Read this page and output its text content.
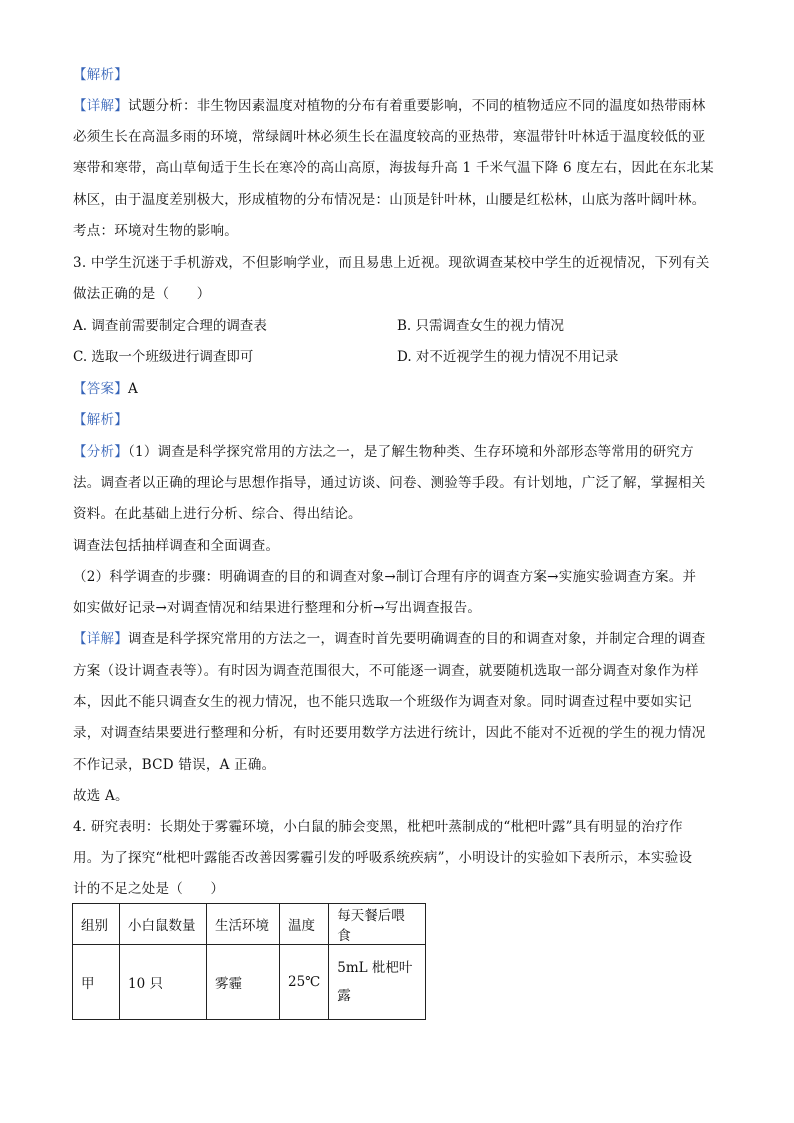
【解析】
【详解】试题分析：非生物因素温度对植物的分布有着重要影响，不同的植物适应不同的温度如热带雨林
必须生长在高温多雨的环境，常绿阔叶林必须生长在温度较高的亚热带，寒温带针叶林适于温度较低的亚
寒带和寒带，高山草甸适于生长在寒冷的高山高原，海拔每升高 1 千米气温下降 6 度左右，因此在东北某
林区，由于温度差别极大，形成植物的分布情况是：山顶是针叶林，山腰是红松林，山底为落叶阔叶林。
考点：环境对生物的影响。
3. 中学生沉迷于手机游戏，不但影响学业，而且易患上近视。现欲调查某校中学生的近视情况，下列有关
做法正确的是（　　）
A. 调查前需要制定合理的调查表	B. 只需调查女生的视力情况
C. 选取一个班级进行调查即可	D. 对不近视学生的视力情况不用记录
【答案】A
【解析】
【分析】（1）调查是科学探究常用的方法之一，是了解生物种类、生存环境和外部形态等常用的研究方
法。调查者以正确的理论与思想作指导，通过访谈、问卷、测验等手段。有计划地，广泛了解，掌握相关
资料。在此基础上进行分析、综合、得出结论。
调查法包括抽样调查和全面调查。
（2）科学调查的步骤：明确调查的目的和调查对象→制订合理有序的调查方案→实施实验调查方案。并
如实做好记录→对调查情况和结果进行整理和分析→写出调查报告。
【详解】调查是科学探究常用的方法之一，调查时首先要明确调查的目的和调查对象，并制定合理的调查
方案（设计调查表等）。有时因为调查范围很大，不可能逐一调查，就要随机选取一部分调查对象作为样
本，因此不能只调查女生的视力情况，也不能只选取一个班级作为调查对象。同时调查过程中要如实记
录，对调查结果要进行整理和分析，有时还要用数学方法进行统计，因此不能对不近视的学生的视力情况
不作记录，BCD 错误，A 正确。
故选 A。
4. 研究表明：长期处于雾霾环境，小白鼠的肺会变黑，枇杷叶蒸制成的“枇杷叶露”具有明显的治疗作
用。为了探究“枇杷叶露能否改善因雾霾引发的呼吸系统疾病”，小明设计的实验如下表所示，本实验设
计的不足之处是（　　）
组别	小白鼠数量	生活环境	温度	每天餐后喂食
甲	10 只	雾霾	25℃	5mL 枇杷叶
露
